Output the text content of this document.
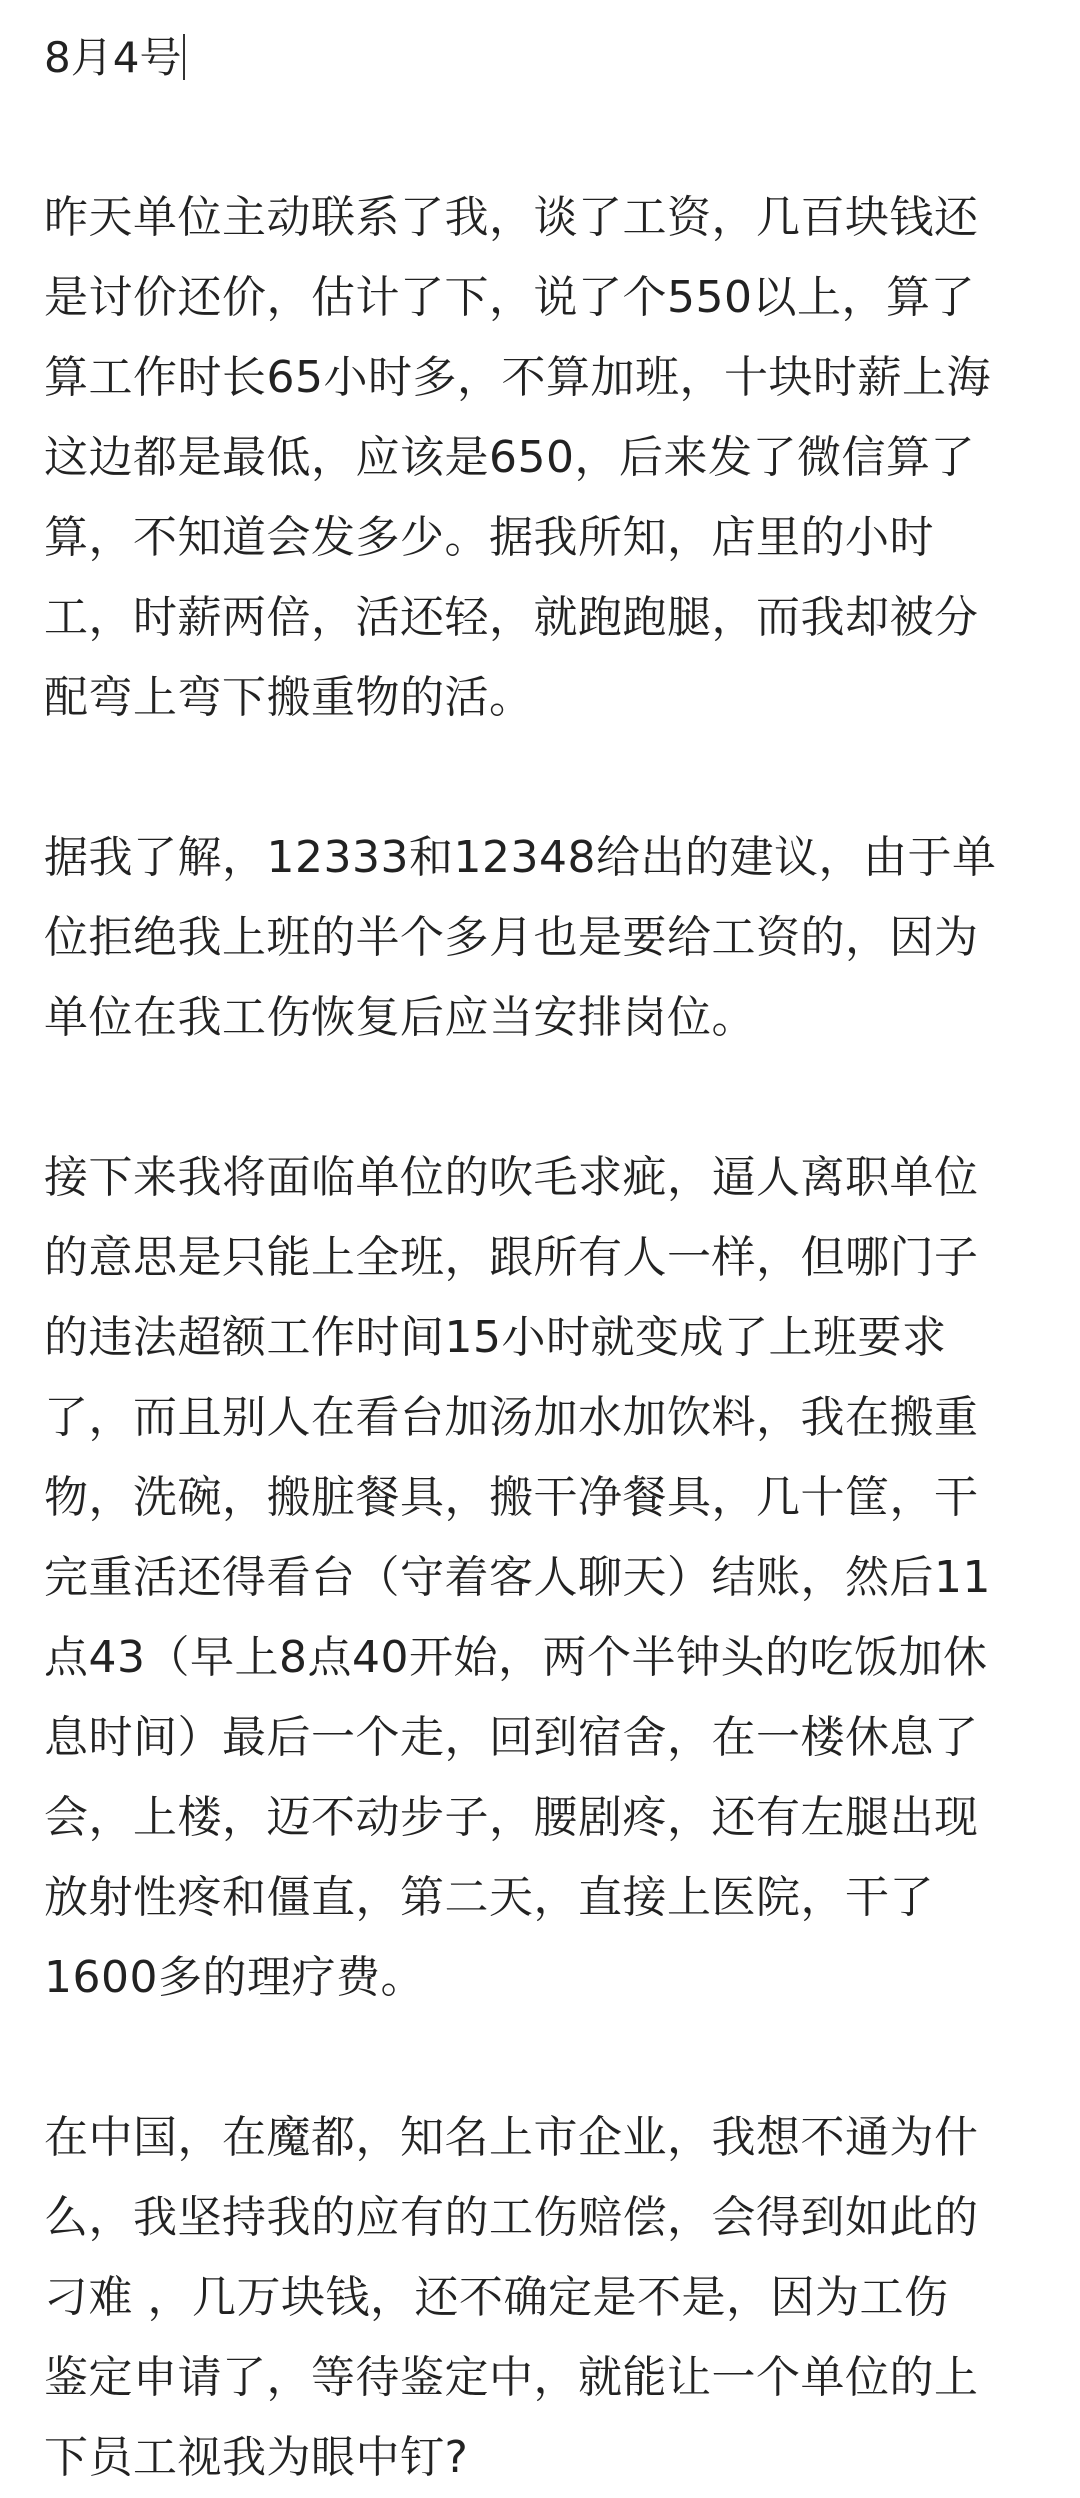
8月4号
昨天单位主动联系了我，谈了工资，几百块钱还
是讨价还价，估计了下，说了个550以上，算了
算工作时长65小时多，不算加班，十块时薪上海
这边都是最低，应该是650，后来发了微信算了
算，不知道会发多少。据我所知，店里的小时
工，时薪两倍，活还轻，就跑跑腿，而我却被分
配弯上弯下搬重物的活。
据我了解，12333和12348给出的建议，由于单
位拒绝我上班的半个多月也是要给工资的，因为
单位在我工伤恢复后应当安排岗位。
接下来我将面临单位的吹毛求疵，逼人离职单位
的意思是只能上全班，跟所有人一样，但哪门子
的违法超额工作时间15小时就变成了上班要求
了，而且别人在看台加汤加水加饮料，我在搬重
物，洗碗，搬脏餐具，搬干净餐具，几十筐，干
完重活还得看台（守着客人聊天）结账，然后11
点43（早上8点40开始，两个半钟头的吃饭加休
息时间）最后一个走，回到宿舍，在一楼休息了
会，上楼，迈不动步子，腰剧疼，还有左腿出现
放射性疼和僵直，第二天，直接上医院，干了
1600多的理疗费。
在中国，在魔都，知名上市企业，我想不通为什
么，我坚持我的应有的工伤赔偿，会得到如此的
刁难 ，几万块钱，还不确定是不是，因为工伤
鉴定申请了，等待鉴定中，就能让一个单位的上
下员工视我为眼中钉?
